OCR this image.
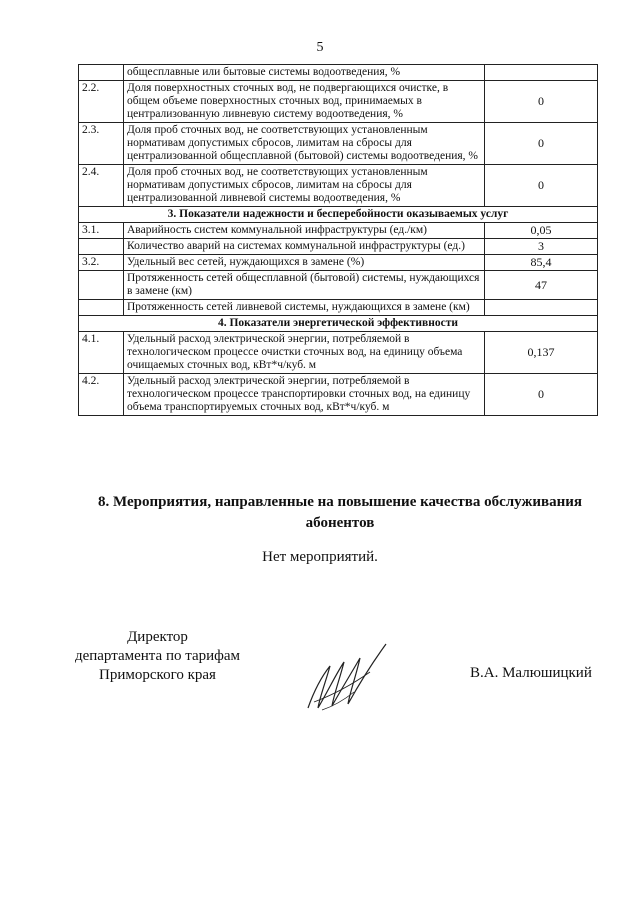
5
	общесплавные или бытовые системы водоотведения, %	
2.2.	Доля поверхностных сточных вод, не подвергающихся очистке, в общем объеме поверхностных сточных вод, принимаемых в централизованную ливневую систему водоотведения, %	0
2.3.	Доля проб сточных вод, не соответствующих установленным нормативам допустимых сбросов, лимитам на сбросы для централизованной общесплавной (бытовой) системы водоотведения, %	0
2.4.	Доля проб сточных вод, не соответствующих установленным нормативам допустимых сбросов, лимитам на сбросы для централизованной ливневой системы водоотведения, %	0
3. Показатели надежности и бесперебойности оказываемых услуг		
3.1.	Аварийность систем коммунальной инфраструктуры (ед./км)	0,05
	Количество аварий на системах коммунальной инфраструктуры (ед.)	3
3.2.	Удельный вес сетей, нуждающихся в замене (%)	85,4
	Протяженность сетей общесплавной (бытовой) системы, нуждающихся в замене (км)	47
	Протяженность сетей ливневой системы, нуждающихся в замене (км)	
4. Показатели энергетической эффективности		
4.1.	Удельный расход электрической энергии, потребляемой в технологическом процессе очистки сточных вод, на единицу объема очищаемых сточных вод, кВт*ч/куб. м	0,137
4.2.	Удельный расход электрической энергии, потребляемой в технологическом процессе транспортировки сточных вод, на единицу объема транспортируемых сточных вод, кВт*ч/куб. м	0
8. Мероприятия, направленные на повышение качества обслуживания абонентов
Нет мероприятий.
Директор
департамента по тарифам
Приморского края	В.А. Малюшицкий
